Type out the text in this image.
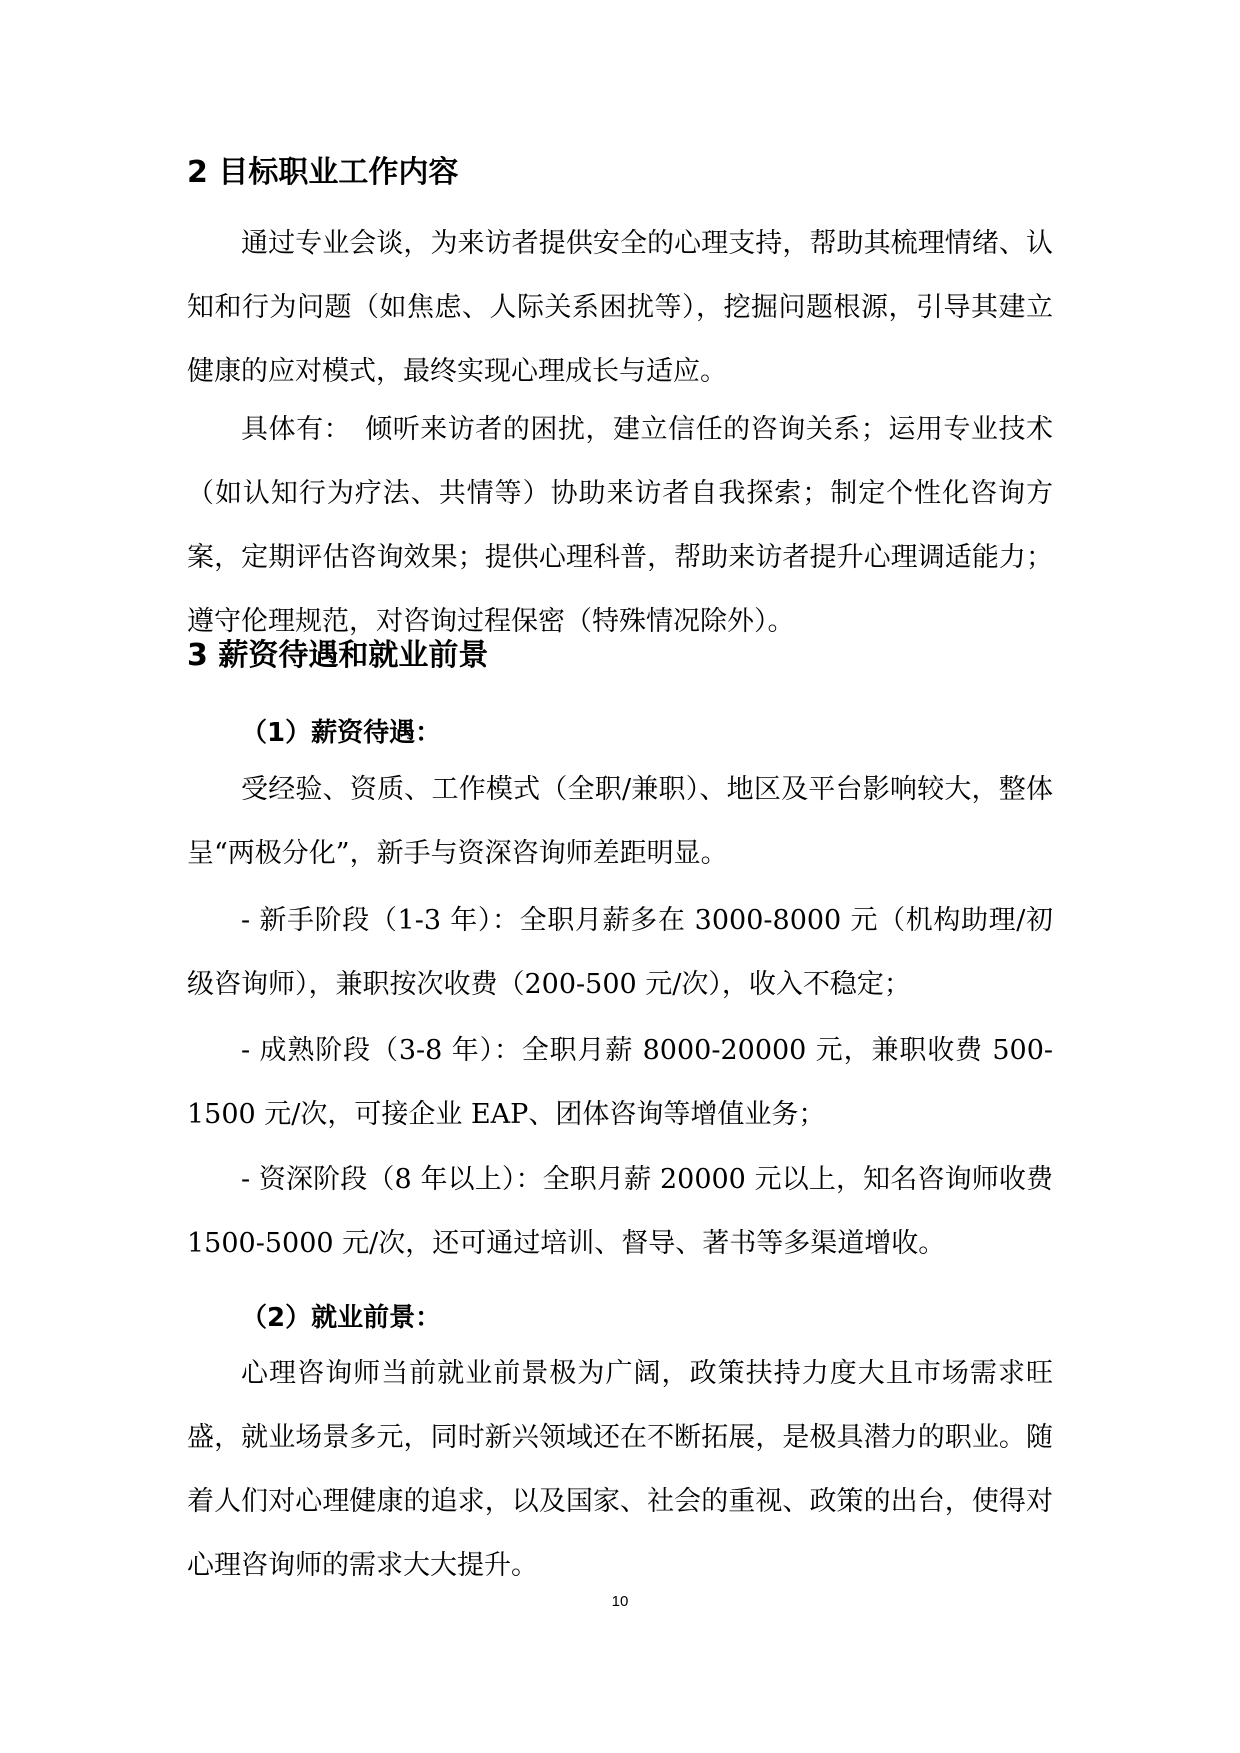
2 目标职业工作内容

通过专业会谈，为来访者提供安全的心理支持，帮助其梳理情绪、认知和行为问题（如焦虑、人际关系困扰等），挖掘问题根源，引导其建立健康的应对模式，最终实现心理成长与适应。

具体有：　倾听来访者的困扰，建立信任的咨询关系；运用专业技术（如认知行为疗法、共情等）协助来访者自我探索；制定个性化咨询方案，定期评估咨询效果；提供心理科普，帮助来访者提升心理调适能力；遵守伦理规范，对咨询过程保密（特殊情况除外）。

3 薪资待遇和就业前景
（1）薪资待遇：

受经验、资质、工作模式（全职/兼职）、地区及平台影响较大，整体呈“两极分化”，新手与资深咨询师差距明显。

- 新手阶段（1-3 年）：全职月薪多在 3000-8000 元（机构助理/初级咨询师），兼职按次收费（200-500 元/次），收入不稳定；

- 成熟阶段（3-8 年）：全职月薪 8000-20000 元，兼职收费 500-1500 元/次，可接企业 EAP、团体咨询等增值业务；

- 资深阶段（8 年以上）：全职月薪 20000 元以上，知名咨询师收费 1500-5000 元/次，还可通过培训、督导、著书等多渠道增收。

（2）就业前景：

心理咨询师当前就业前景极为广阔，政策扶持力度大且市场需求旺盛，就业场景多元，同时新兴领域还在不断拓展，是极具潜力的职业。随着人们对心理健康的追求，以及国家、社会的重视、政策的出台，使得对心理咨询师的需求大大提升。

10
